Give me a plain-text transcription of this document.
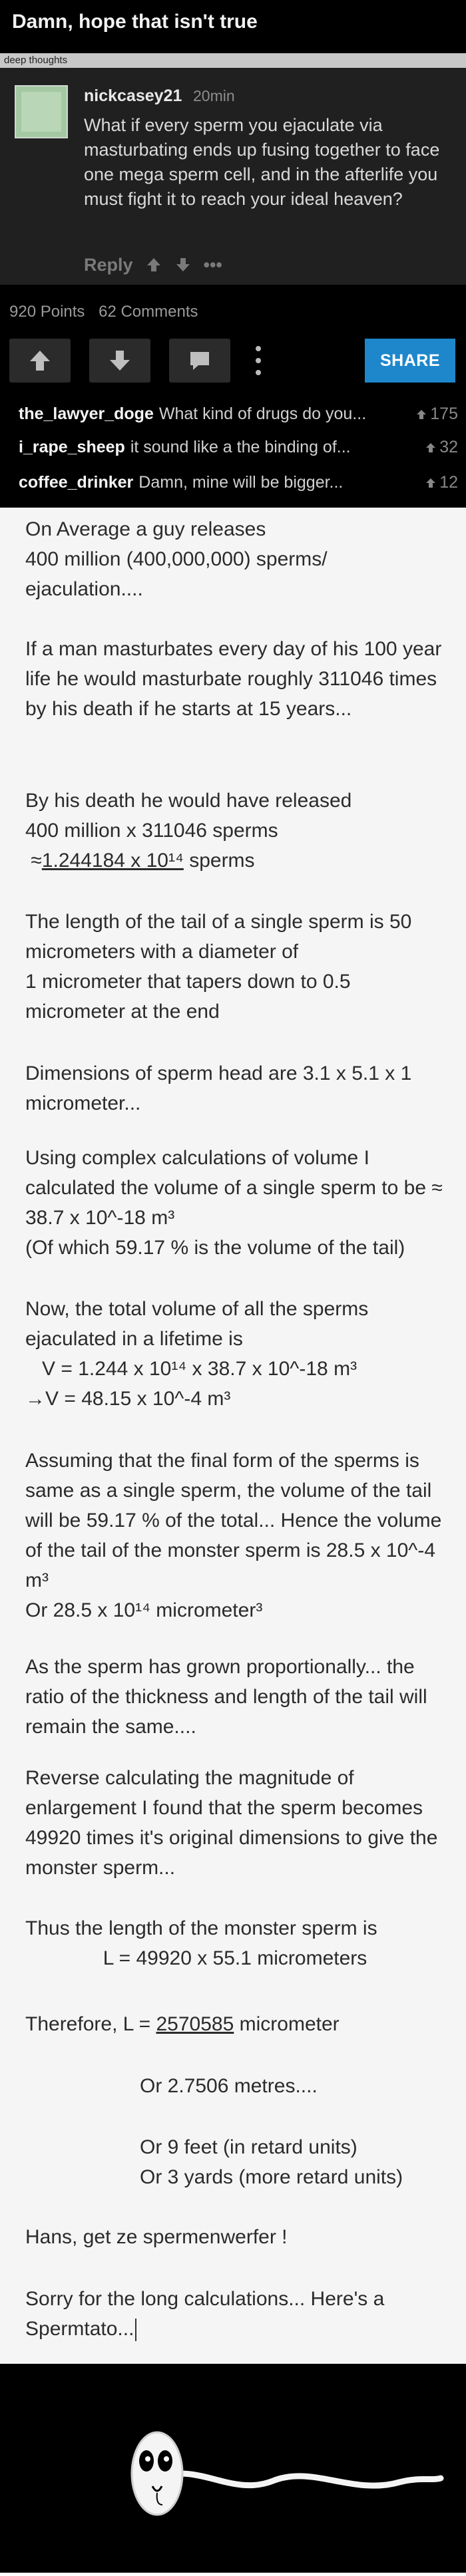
Damn, hope that isn't true
deep thoughts
nickcasey21 20min
What if every sperm you ejaculate via masturbating ends up fusing together to face one mega sperm cell, and in the afterlife you must fight it to reach your ideal heaven?
Reply	•••
920 Points 62 Comments
SHARE
the_lawyer_doge What kind of drugs do you...	175
i_rape_sheep it sound like a the binding of...	32
coffee_drinker Damn, mine will be bigger...	12

On Average a guy releases
400 million (400,000,000) sperms/
ejaculation....

If a man masturbates every day of his 100 year life he would masturbate roughly 311046 times by his death if he starts at 15 years...

By his death he would have released
400 million x 311046 sperms
≈1.244184 x 10¹⁴ sperms

The length of the tail of a single sperm is 50 micrometers with a diameter of
1 micrometer that tapers down to 0.5 micrometer at the end

Dimensions of sperm head are 3.1 x 5.1 x 1 micrometer...

Using complex calculations of volume I calculated the volume of a single sperm to be ≈ 38.7 x 10^-18 m³
(Of which 59.17 % is the volume of the tail)

Now, the total volume of all the sperms ejaculated in a lifetime is
V = 1.244 x 10¹⁴ x 38.7 x 10^-18 m³
→V = 48.15 x 10^-4 m³

Assuming that the final form of the sperms is same as a single sperm, the volume of the tail will be 59.17 % of the total... Hence the volume of the tail of the monster sperm is 28.5 x 10^-4 m³
Or 28.5 x 10¹⁴ micrometer³

As the sperm has grown proportionally... the ratio of the thickness and length of the tail will remain the same....

Reverse calculating the magnitude of enlargement I found that the sperm becomes 49920 times it's original dimensions to give the monster sperm...

Thus the length of the monster sperm is
L = 49920 x 55.1 micrometers

Therefore, L = 2570585 micrometer

Or 2.7506 metres....

Or 9 feet (in retard units)
Or 3 yards (more retard units)

Hans, get ze spermenwerfer !

Sorry for the long calculations... Here's a Spermtato...
